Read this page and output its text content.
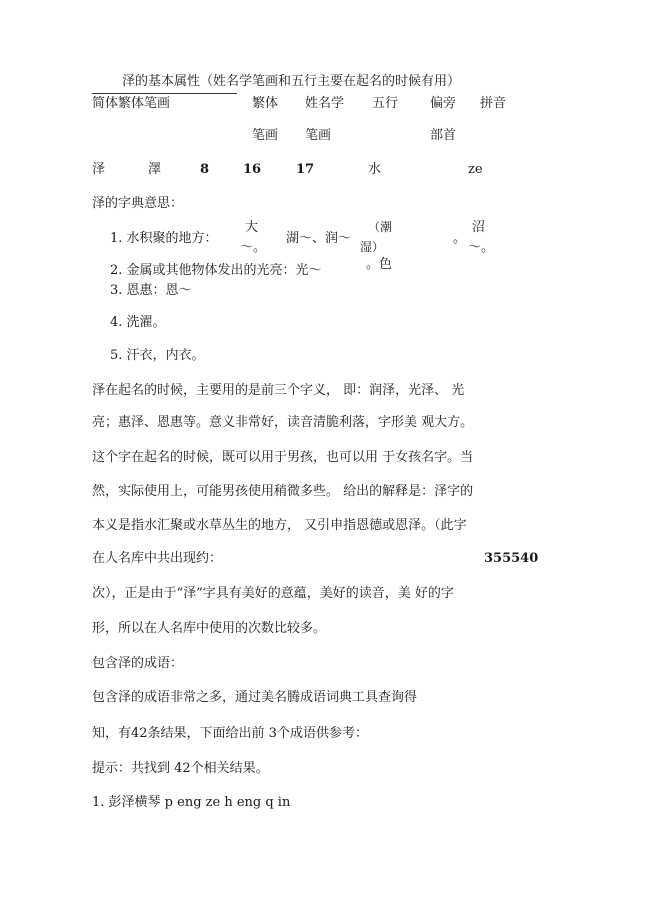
泽的基本属性（姓名学笔画和五行主要在起名的时候有用）
简体繁体笔画	繁体 姓名学 五行 偏旁 拼音
笔画 笔画	部首
泽	澤	8	16	17	水	ze
泽的字典意思：
1. 水积聚的地方：
大
～。
湖～、润～
（潮
湿）
。
沼
～。
2. 金属或其他物体发出的光亮：光～	。色
3. 恩惠：恩～
4. 洗濯。
5. 汗衣，内衣。
泽在起名的时候，主要用的是前三个字义， 即：润泽，光泽、 光
亮；惠泽、恩惠等。意义非常好，读音清脆利落，字形美 观大方。
这个字在起名的时候，既可以用于男孩，也可以用 于女孩名字。当
然，实际使用上，可能男孩使用稍微多些。 给出的解释是：泽字的
本义是指水汇聚或水草丛生的地方， 又引申指恩德或恩泽。（此字
在人名库中共出现约：	355540
次），正是由于“泽”字具有美好的意蕴，美好的读音，美 好的字
形，所以在人名库中使用的次数比较多。
包含泽的成语：
包含泽的成语非常之多，通过美名腾成语词典工具查询得
知，有42条结果，下面给出前 3个成语供参考：
提示：共找到 42个相关结果。
1. 彭泽横琴 p eng ze h eng q in
